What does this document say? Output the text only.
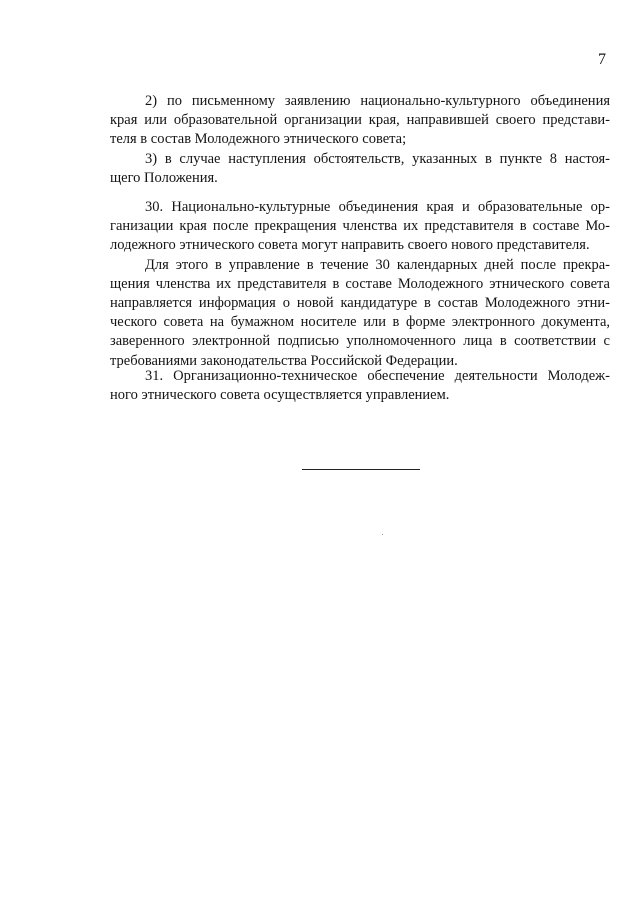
7
2) по письменному заявлению национально-культурного объединения
края или образовательной организации края, направившей своего представи-
теля в состав Молодежного этнического совета;
3) в случае наступления обстоятельств, указанных в пункте 8 настоя-
щего Положения.
30. Национально-культурные объединения края и образовательные ор-
ганизации края после прекращения членства их представителя в составе Мо-
лодежного этнического совета могут направить своего нового представителя.
Для этого в управление в течение 30 календарных дней после прекра-
щения членства их представителя в составе Молодежного этнического совета
направляется информация о новой кандидатуре в состав Молодежного этни-
ческого совета на бумажном носителе или в форме электронного документа,
заверенного электронной подписью уполномоченного лица в соответствии с
требованиями законодательства Российской Федерации.
31. Организационно-техническое обеспечение деятельности Молодеж-
ного этнического совета осуществляется управлением.
